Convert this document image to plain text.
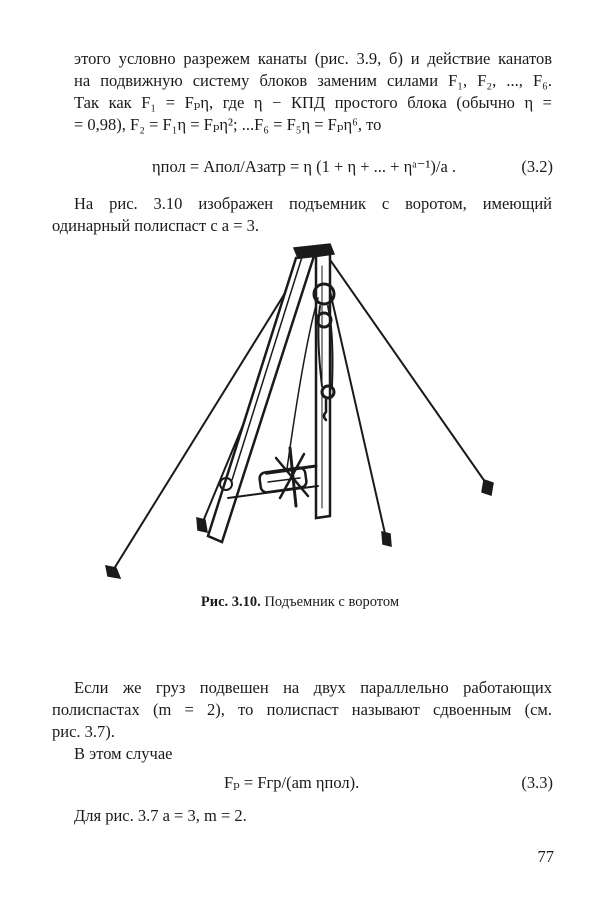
этого условно разрежем канаты (рис. 3.9, б) и действие канатов
на подвижную систему блоков заменим силами F₁, F₂, ..., F₆.
Так как F₁ = Fₚη, где η − КПД простого блока (обычно η =
= 0,98), F₂ = F₁η = Fₚη²; ...F₆ = F₅η = Fₚη⁶, то
ηпол = Aпол/Aзатр = η (1 + η + ... + ηᵃ⁻¹)/a .	(3.2)
На рис. 3.10 изображен подъемник с воротом, имеющий
одинарный полиспаст с a = 3.
Рис. 3.10. Подъемник с воротом
Если же груз подвешен на двух параллельно работающих
полиспастах (m = 2), то полиспаст называют сдвоенным (см.
рис. 3.7).
В этом случае
Fₚ = Fгр/(am ηпол).	(3.3)
Для рис. 3.7 a = 3, m = 2.
77
